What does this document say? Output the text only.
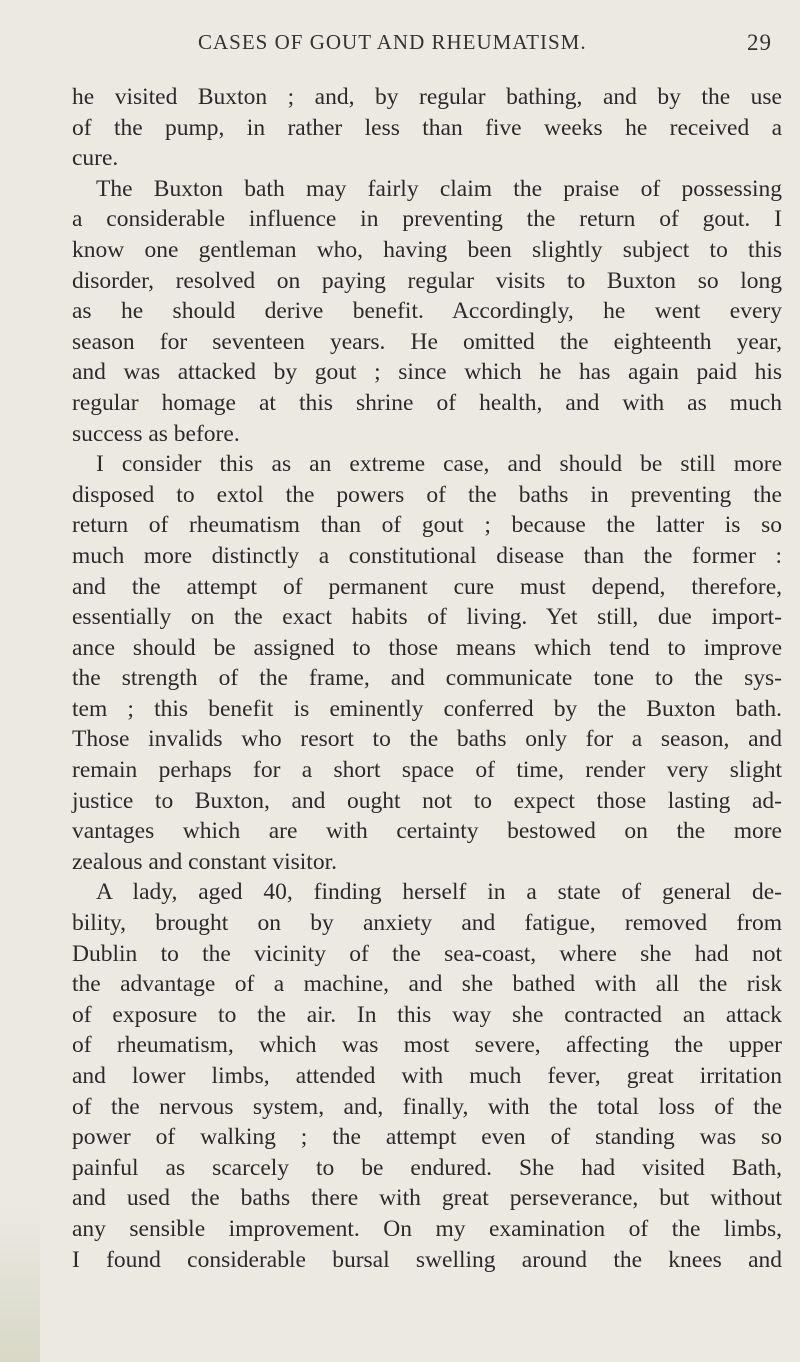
CASES OF GOUT AND RHEUMATISM.	29
he visited Buxton ; and, by regular bathing, and by the use
of the pump, in rather less than five weeks he received a
cure.
The Buxton bath may fairly claim the praise of possessing
a considerable influence in preventing the return of gout. I
know one gentleman who, having been slightly subject to this
disorder, resolved on paying regular visits to Buxton so long
as he should derive benefit. Accordingly, he went every
season for seventeen years. He omitted the eighteenth year,
and was attacked by gout ; since which he has again paid his
regular homage at this shrine of health, and with as much
success as before.
I consider this as an extreme case, and should be still more
disposed to extol the powers of the baths in preventing the
return of rheumatism than of gout ; because the latter is so
much more distinctly a constitutional disease than the former :
and the attempt of permanent cure must depend, therefore,
essentially on the exact habits of living. Yet still, due import-
ance should be assigned to those means which tend to improve
the strength of the frame, and communicate tone to the sys-
tem ; this benefit is eminently conferred by the Buxton bath.
Those invalids who resort to the baths only for a season, and
remain perhaps for a short space of time, render very slight
justice to Buxton, and ought not to expect those lasting ad-
vantages which are with certainty bestowed on the more
zealous and constant visitor.
A lady, aged 40, finding herself in a state of general de-
bility, brought on by anxiety and fatigue, removed from
Dublin to the vicinity of the sea-coast, where she had not
the advantage of a machine, and she bathed with all the risk
of exposure to the air. In this way she contracted an attack
of rheumatism, which was most severe, affecting the upper
and lower limbs, attended with much fever, great irritation
of the nervous system, and, finally, with the total loss of the
power of walking ; the attempt even of standing was so
painful as scarcely to be endured. She had visited Bath,
and used the baths there with great perseverance, but without
any sensible improvement. On my examination of the limbs,
I found considerable bursal swelling around the knees and
